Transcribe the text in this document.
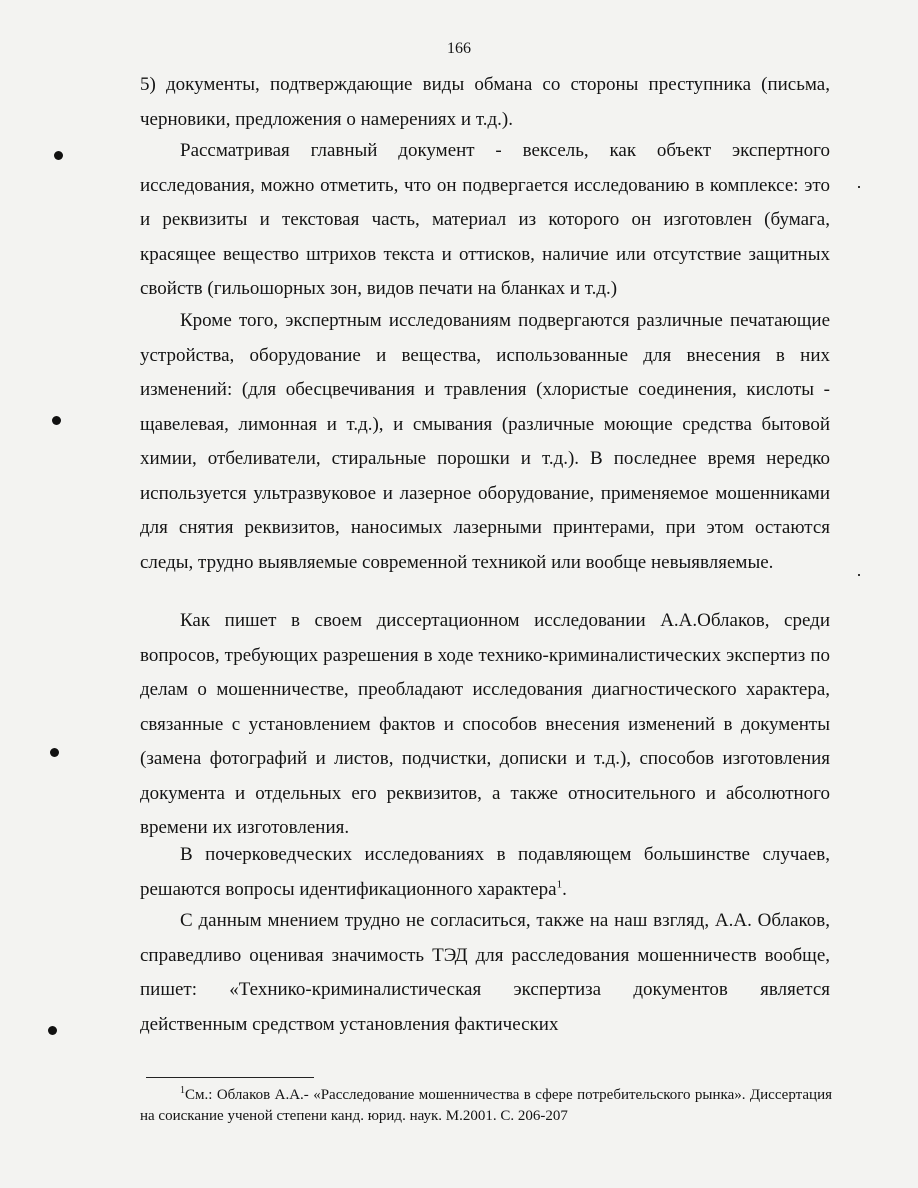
166

5) документы, подтверждающие виды обмана со стороны преступника (письма, черновики, предложения о намерениях и т.д.).

Рассматривая главный документ - вексель, как объект экспертного исследования, можно отметить, что он подвергается исследованию в комплексе: это и реквизиты и текстовая часть, материал из которого он изготовлен (бумага, красящее вещество штрихов текста и оттисков, наличие или отсутствие защитных свойств (гильошорных зон, видов печати на бланках и т.д.)

Кроме того, экспертным исследованиям подвергаются различные печатающие устройства, оборудование и вещества, использованные для внесения в них изменений: (для обесцвечивания и травления (хлористые соединения, кислоты - щавелевая, лимонная и т.д.), и смывания (различные моющие средства бытовой химии, отбеливатели, стиральные порошки и т.д.). В последнее время нередко используется ультразвуковое и лазерное оборудование, применяемое мошенниками для снятия реквизитов, наносимых лазерными принтерами, при этом остаются следы, трудно выявляемые современной техникой или вообще невыявляемые.

Как пишет в своем диссертационном исследовании А.А.Облаков, среди вопросов, требующих разрешения в ходе технико-криминалистических экспертиз по делам о мошенничестве, преобладают исследования диагностического характера, связанные с установлением фактов и способов внесения изменений в документы (замена фотографий и листов, подчистки, дописки и т.д.), способов изготовления документа и отдельных его реквизитов, а также относительного и абсолютного времени их изготовления.

В почерковедческих исследованиях в подавляющем большинстве случаев, решаются вопросы идентификационного характера$^1$.

С данным мнением трудно не согласиться, также на наш взгляд, А.А. Облаков, справедливо оценивая значимость ТЭД для расследования мошенничеств вообще, пишет: «Технико-криминалистическая экспертиза документов является действенным средством установления фактических

$^1$См.: Облаков А.А.- «Расследование мошенничества в сфере потребительского рынка». Диссертация на соискание ученой степени канд. юрид. наук. М.2001. С. 206-207
